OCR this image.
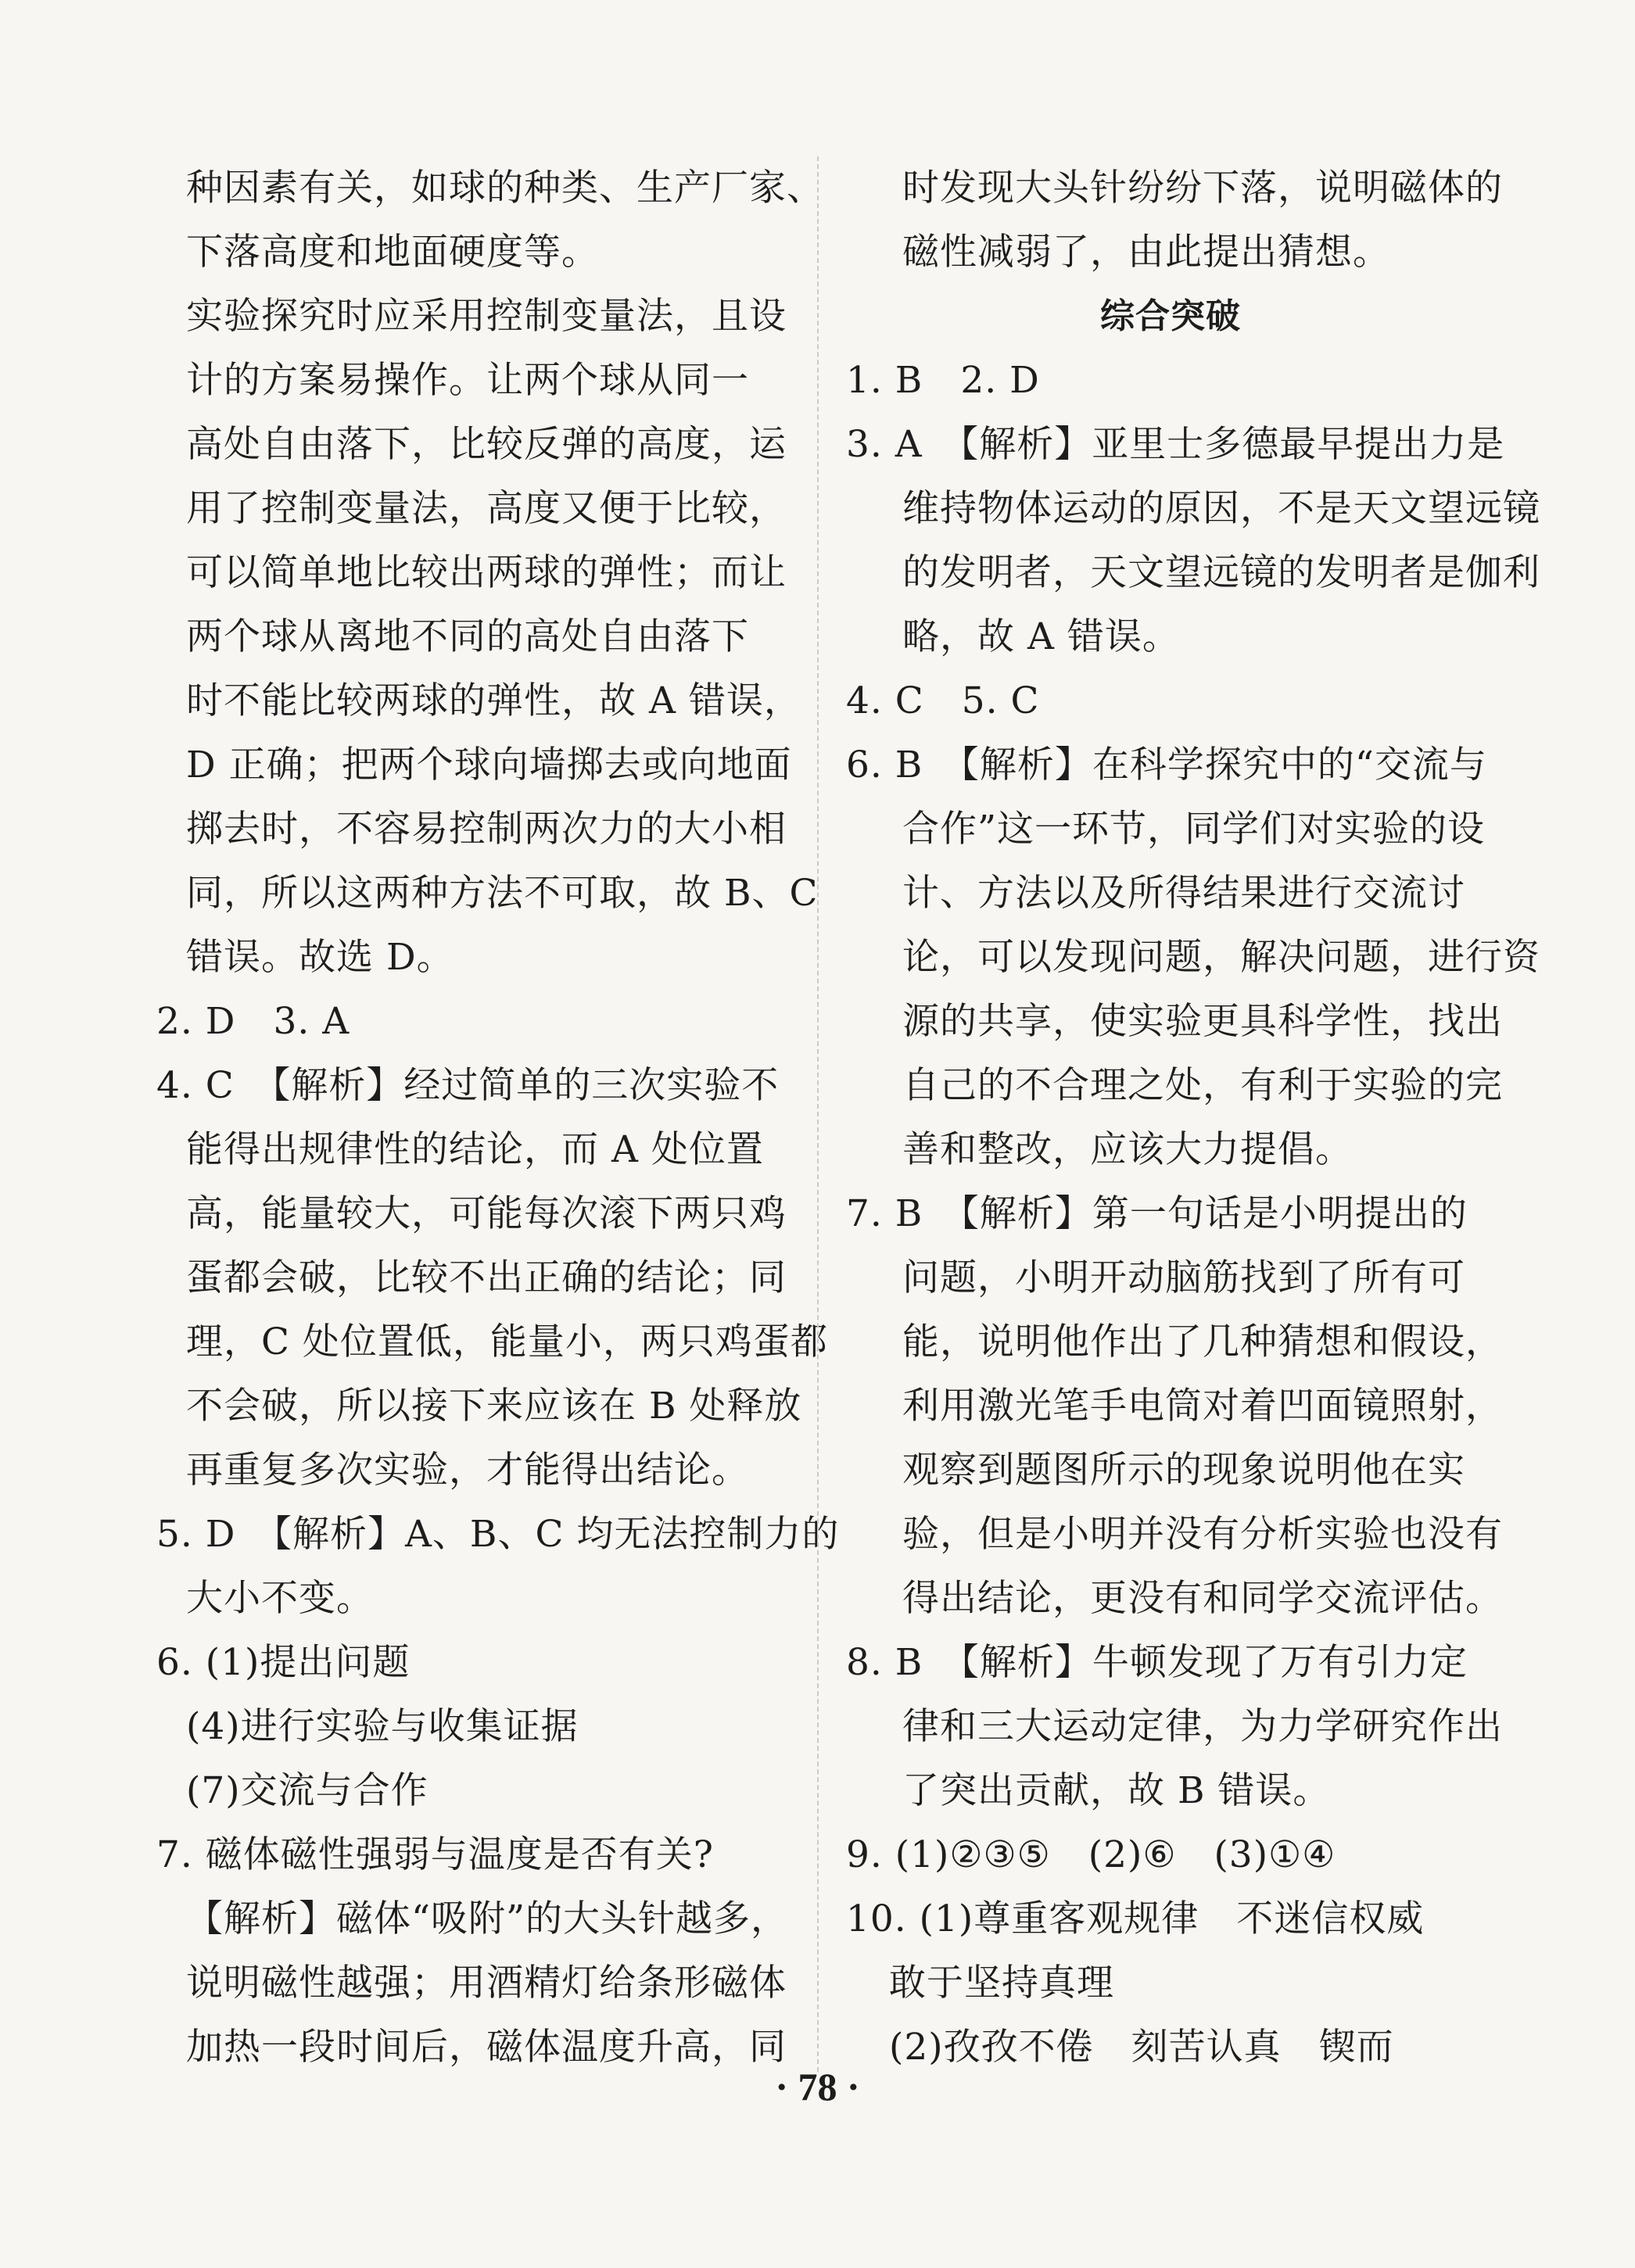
种因素有关，如球的种类、生产厂家、
下落高度和地面硬度等。
实验探究时应采用控制变量法，且设
计的方案易操作。让两个球从同一
高处自由落下，比较反弹的高度，运
用了控制变量法，高度又便于比较，
可以简单地比较出两球的弹性；而让
两个球从离地不同的高处自由落下
时不能比较两球的弹性，故 A 错误，
D 正确；把两个球向墙掷去或向地面
掷去时，不容易控制两次力的大小相
同，所以这两种方法不可取，故 B、C
错误。故选 D。
2. D　3. A
4. C　【解析】经过简单的三次实验不
能得出规律性的结论，而 A 处位置
高，能量较大，可能每次滚下两只鸡
蛋都会破，比较不出正确的结论；同
理，C 处位置低，能量小，两只鸡蛋都
不会破，所以接下来应该在 B 处释放
再重复多次实验，才能得出结论。
5. D　【解析】A、B、C 均无法控制力的
大小不变。
6. (1)提出问题
(4)进行实验与收集证据
(7)交流与合作
7. 磁体磁性强弱与温度是否有关?
【解析】磁体“吸附”的大头针越多，
说明磁性越强；用酒精灯给条形磁体
加热一段时间后，磁体温度升高，同
时发现大头针纷纷下落，说明磁体的
磁性减弱了，由此提出猜想。
综合突破
1. B　2. D
3. A　【解析】亚里士多德最早提出力是
维持物体运动的原因，不是天文望远镜
的发明者，天文望远镜的发明者是伽利
略，故 A 错误。
4. C　5. C
6. B　【解析】在科学探究中的“交流与
合作”这一环节，同学们对实验的设
计、方法以及所得结果进行交流讨
论，可以发现问题，解决问题，进行资
源的共享，使实验更具科学性，找出
自己的不合理之处，有利于实验的完
善和整改，应该大力提倡。
7. B　【解析】第一句话是小明提出的
问题，小明开动脑筋找到了所有可
能，说明他作出了几种猜想和假设，
利用激光笔手电筒对着凹面镜照射，
观察到题图所示的现象说明他在实
验，但是小明并没有分析实验也没有
得出结论，更没有和同学交流评估。
8. B　【解析】牛顿发现了万有引力定
律和三大运动定律，为力学研究作出
了突出贡献，故 B 错误。
9. (1)②③⑤　(2)⑥　(3)①④
10. (1)尊重客观规律　不迷信权威
敢于坚持真理
(2)孜孜不倦　刻苦认真　锲而
· 78 ·
